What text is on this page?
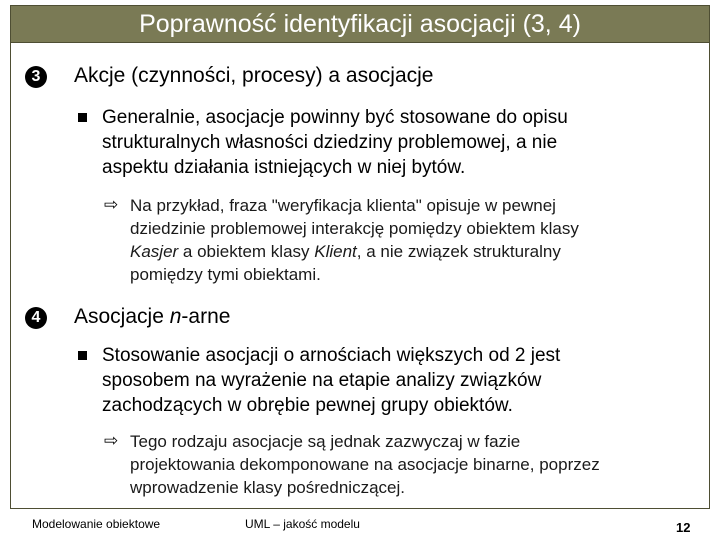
Poprawność identyfikacji asocjacji (3, 4)
3	Akcje (czynności, procesy) a asocjacje
Generalnie, asocjacje powinny być stosowane do opisu
strukturalnych własności dziedziny problemowej, a nie
aspektu działania istniejących w niej bytów.
⇨ Na przykład, fraza "weryfikacja klienta" opisuje w pewnej
dziedzinie problemowej interakcję pomiędzy obiektem klasy
Kasjer a obiektem klasy Klient, a nie związek strukturalny
pomiędzy tymi obiektami.
4	Asocjacje n-arne
Stosowanie asocjacji o arnościach większych od 2 jest
sposobem na wyrażenie na etapie analizy związków
zachodzących w obrębie pewnej grupy obiektów.
⇨ Tego rodzaju asocjacje są jednak zazwyczaj w fazie
projektowania dekomponowane na asocjacje binarne, poprzez
wprowadzenie klasy pośredniczącej.
Modelowanie obiektowe	UML – jakość modelu	12
